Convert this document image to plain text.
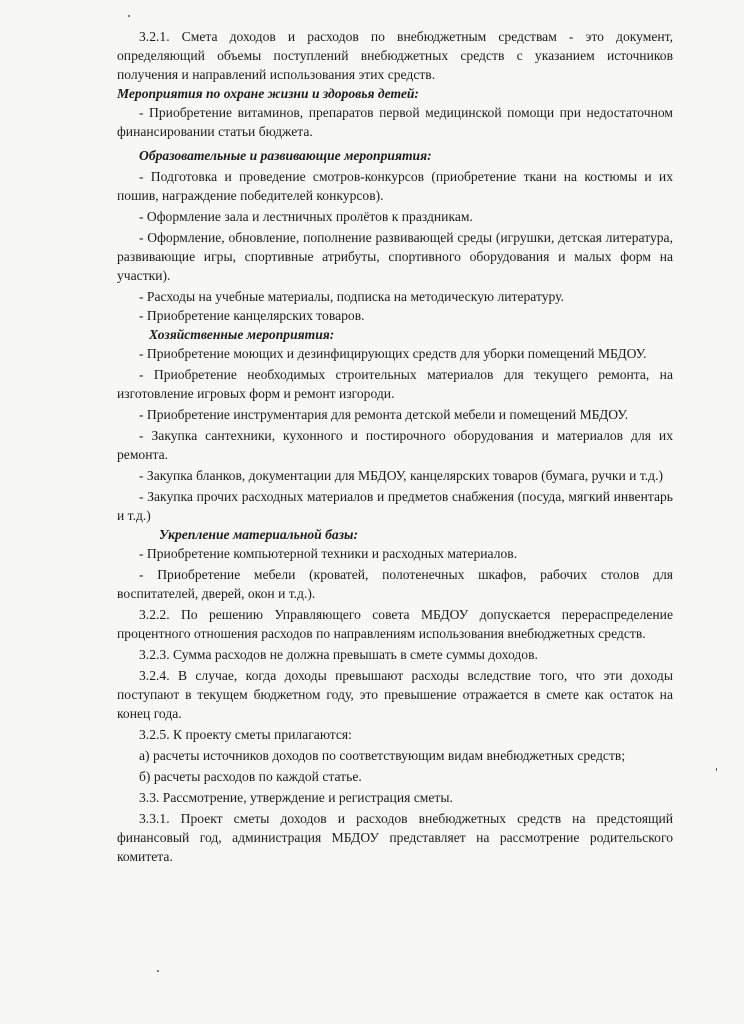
3.2.1. Смета доходов и расходов по внебюджетным средствам - это документ, определяющий объемы поступлений внебюджетных средств с указанием источников получения и направлений использования этих средств.

Мероприятия по охране жизни и здоровья детей:

- Приобретение витаминов, препаратов первой медицинской помощи при недостаточном финансировании статьи бюджета.

Образовательные и развивающие мероприятия:

- Подготовка и проведение смотров-конкурсов (приобретение ткани на костюмы и их пошив, награждение победителей конкурсов).

- Оформление зала и лестничных пролётов к праздникам.

- Оформление, обновление, пополнение развивающей среды (игрушки, детская литература, развивающие игры, спортивные атрибуты, спортивного оборудования и малых форм на участки).

- Расходы на учебные материалы, подписка на методическую литературу.

- Приобретение канцелярских товаров.

Хозяйственные мероприятия:

- Приобретение моющих и дезинфицирующих средств для уборки помещений МБДОУ.

- Приобретение необходимых строительных материалов для текущего ремонта, на изготовление игровых форм и ремонт изгороди.

- Приобретение инструментария для ремонта детской мебели и помещений МБДОУ.

- Закупка сантехники, кухонного и постирочного оборудования и материалов для их ремонта.

- Закупка бланков, документации для МБДОУ, канцелярских товаров (бумага, ручки и т.д.)

- Закупка прочих расходных материалов и предметов снабжения (посуда, мягкий инвентарь и т.д.)

Укрепление материальной базы:

- Приобретение компьютерной техники и расходных материалов.

- Приобретение мебели (кроватей, полотенечных шкафов, рабочих столов для воспитателей, дверей, окон и т.д.).

3.2.2. По решению Управляющего совета МБДОУ допускается перераспределение процентного отношения расходов по направлениям использования внебюджетных средств.

3.2.3. Сумма расходов не должна превышать в смете суммы доходов.

3.2.4. В случае, когда доходы превышают расходы вследствие того, что эти доходы поступают в текущем бюджетном году, это превышение отражается в смете как остаток на конец года.

3.2.5. К проекту сметы прилагаются:

а) расчеты источников доходов по соответствующим видам внебюджетных средств;

б) расчеты расходов по каждой статье.

3.3. Рассмотрение, утверждение и регистрация сметы.

3.3.1. Проект сметы доходов и расходов внебюджетных средств на предстоящий финансовый год, администрация МБДОУ представляет на рассмотрение родительского комитета.
